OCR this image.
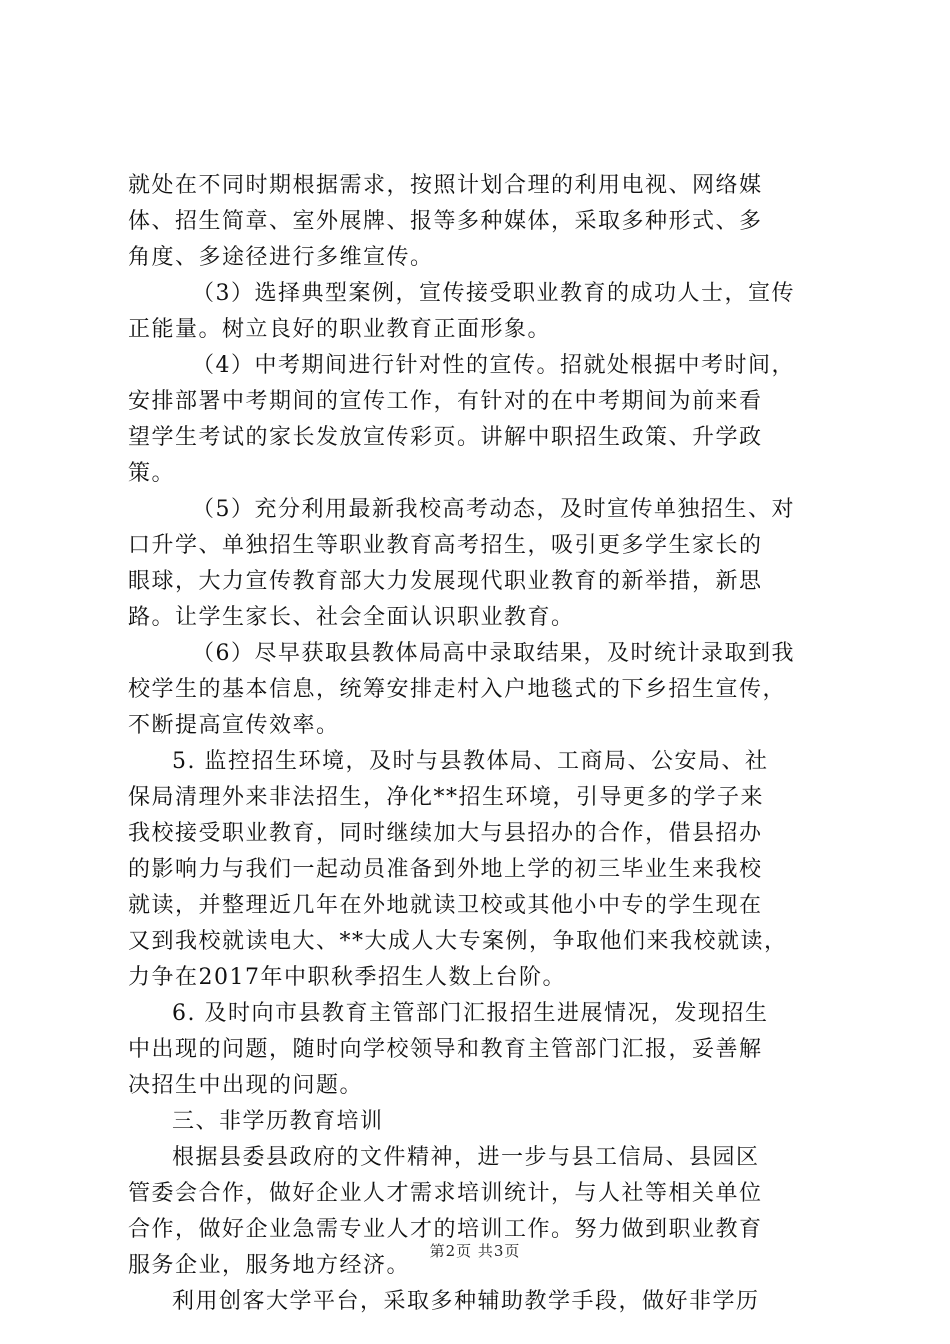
就处在不同时期根据需求，按照计划合理的利用电视、网络媒
体、招生简章、室外展牌、报等多种媒体，采取多种形式、多
角度、多途径进行多维宣传。
（3）选择典型案例，宣传接受职业教育的成功人士，宣传
正能量。树立良好的职业教育正面形象。
（4）中考期间进行针对性的宣传。招就处根据中考时间，
安排部署中考期间的宣传工作，有针对的在中考期间为前来看
望学生考试的家长发放宣传彩页。讲解中职招生政策、升学政
策。
（5）充分利用最新我校高考动态，及时宣传单独招生、对
口升学、单独招生等职业教育高考招生，吸引更多学生家长的
眼球，大力宣传教育部大力发展现代职业教育的新举措，新思
路。让学生家长、社会全面认识职业教育。
（6）尽早获取县教体局高中录取结果，及时统计录取到我
校学生的基本信息，统筹安排走村入户地毯式的下乡招生宣传，
不断提高宣传效率。
5. 监控招生环境，及时与县教体局、工商局、公安局、社
保局清理外来非法招生，净化**招生环境，引导更多的学子来
我校接受职业教育，同时继续加大与县招办的合作，借县招办
的影响力与我们一起动员准备到外地上学的初三毕业生来我校
就读，并整理近几年在外地就读卫校或其他小中专的学生现在
又到我校就读电大、**大成人大专案例，争取他们来我校就读，
力争在2017年中职秋季招生人数上台阶。
6. 及时向市县教育主管部门汇报招生进展情况，发现招生
中出现的问题，随时向学校领导和教育主管部门汇报，妥善解
决招生中出现的问题。
三、非学历教育培训
根据县委县政府的文件精神，进一步与县工信局、县园区
管委会合作，做好企业人才需求培训统计，与人社等相关单位
合作，做好企业急需专业人才的培训工作。努力做到职业教育
服务企业，服务地方经济。
利用创客大学平台，采取多种辅助教学手段，做好非学历
第2页 共3页
